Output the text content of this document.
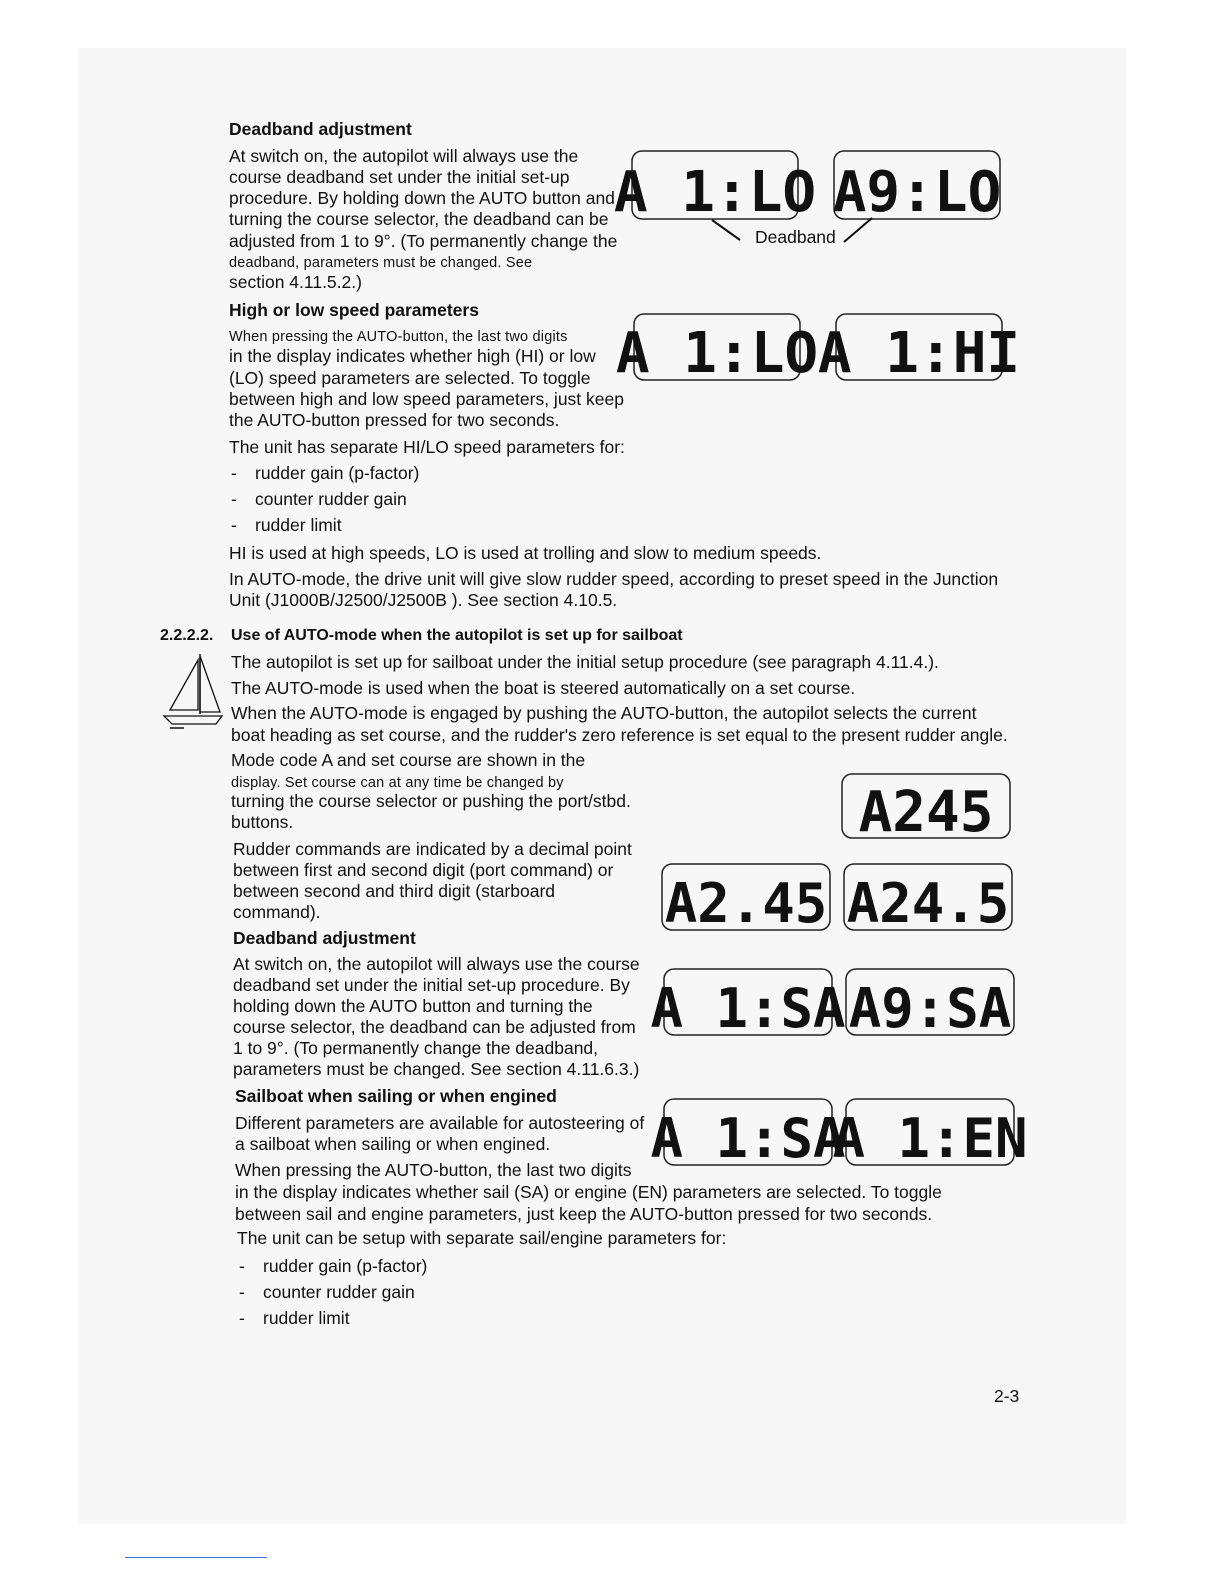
Deadband adjustment
At switch on, the autopilot will always use the
course deadband set under the initial set-up
procedure. By holding down the AUTO button and
turning the course selector, the deadband can be
adjusted from 1 to 9°. (To permanently change the
deadband, parameters must be changed. See
section 4.11.5.2.)
A 1:LO A9:LO
Deadband
High or low speed parameters
When pressing the AUTO-button, the last two digits
in the display indicates whether high (HI) or low
(LO) speed parameters are selected. To toggle
between high and low speed parameters, just keep
the AUTO-button pressed for two seconds.
A 1:LO A 1:HI
The unit has separate HI/LO speed parameters for:
- rudder gain (p-factor)
- counter rudder gain
- rudder limit
HI is used at high speeds, LO is used at trolling and slow to medium speeds.
In AUTO-mode, the drive unit will give slow rudder speed, according to preset speed in the Junction
Unit (J1000B/J2500/J2500B ). See section 4.10.5.
2.2.2.2. Use of AUTO-mode when the autopilot is set up for sailboat
The autopilot is set up for sailboat under the initial setup procedure (see paragraph 4.11.4.).
The AUTO-mode is used when the boat is steered automatically on a set course.
When the AUTO-mode is engaged by pushing the AUTO-button, the autopilot selects the current
boat heading as set course, and the rudder's zero reference is set equal to the present rudder angle.
Mode code A and set course are shown in the
display. Set course can at any time be changed by
turning the course selector or pushing the port/stbd.
buttons.	A245
Rudder commands are indicated by a decimal point
between first and second digit (port command) or
between second and third digit (starboard
command).	A2.45 A24.5
Deadband adjustment
At switch on, the autopilot will always use the course
deadband set under the initial set-up procedure. By
holding down the AUTO button and turning the
course selector, the deadband can be adjusted from
1 to 9°. (To permanently change the deadband,
parameters must be changed. See section 4.11.6.3.)
A 1:SA A9:SA
Sailboat when sailing or when engined
Different parameters are available for autosteering of
a sailboat when sailing or when engined.
When pressing the AUTO-button, the last two digits
in the display indicates whether sail (SA) or engine (EN) parameters are selected. To toggle
between sail and engine parameters, just keep the AUTO-button pressed for two seconds.
A 1:SA
A 1:EN
The unit can be setup with separate sail/engine parameters for:
- rudder gain (p-factor)
- counter rudder gain
- rudder limit
2-3
